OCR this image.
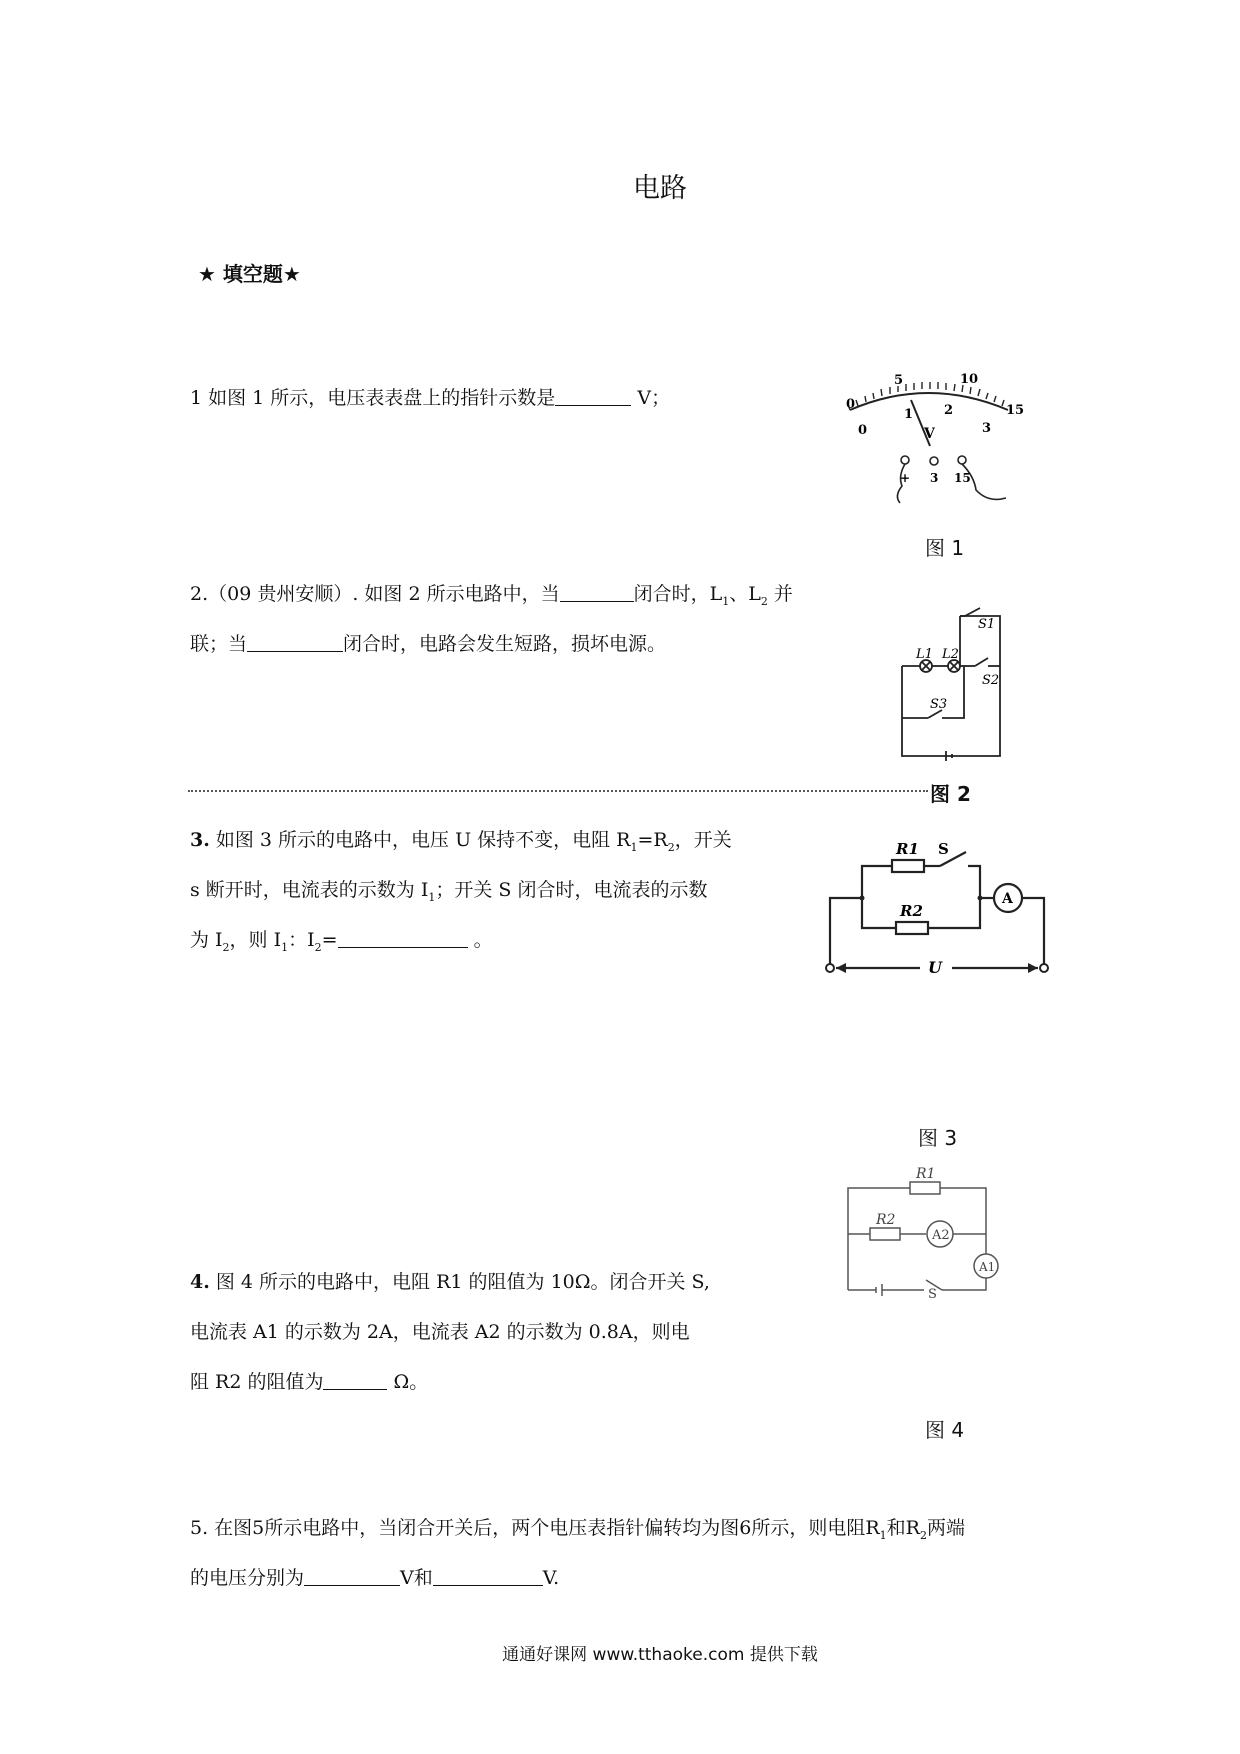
电路
★ 填空题★
1 如图 1 所示，电压表表盘上的指针示数是	V；	0
5	10
15
0
1 2
3
V
+ 3 15
图 1
2.（09 贵州安顺）. 如图 2 所示电路中，当	闭合时，$L_1$、$L_2$ 并
联；当	闭合时，电路会发生短路，损坏电源。	L1 L2
S1
S2
S3
图 2
3. 如图 3 所示的电路中，电压 U 保持不变，电阻 $R_1=R_2$，开关
s 断开时，电流表的示数为 $I_1$；开关 S 闭合时，电流表的示数
为 $I_2$，则 $I_1$：$I_2=$	。
R1 S
R2
A
U
图 3
R1
R2
A2
A1
S
4. 图 4 所示的电路中，电阻 R1 的阻值为 10Ω。闭合开关 S,
电流表 A1 的示数为 2A，电流表 A2 的示数为 0.8A，则电
阻 R2 的阻值为	Ω。
图 4
5. 在图5所示电路中，当闭合开关后，两个电压表指针偏转均为图6所示，则电阻$R_1$和$R_2$两端
的电压分别为	V和	V.
通通好课网 www.tthaoke.com 提供下载
